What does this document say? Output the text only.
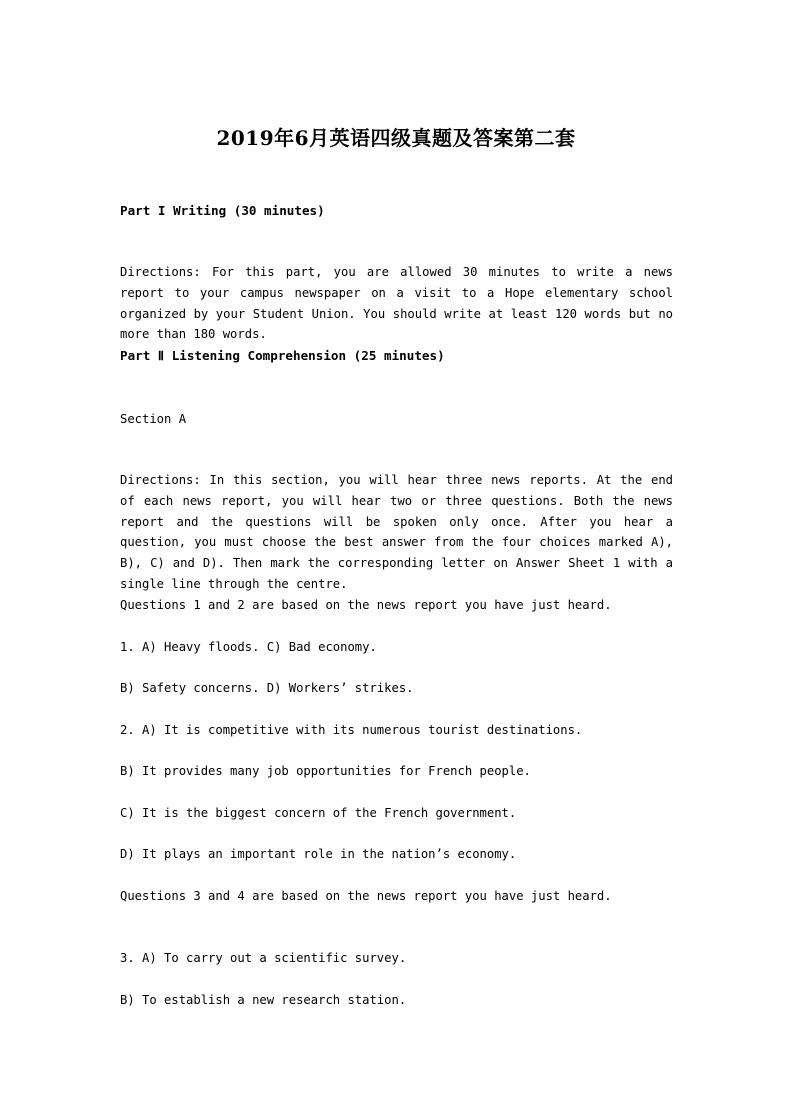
2019年6月英语四级真题及答案第二套
Part I Writing (30 minutes)
Directions: For this part, you are allowed 30 minutes to write a news report to your campus newspaper on a visit to a Hope elementary school organized by your Student Union. You should write at least 120 words but no more than 180 words.
Part Ⅱ Listening Comprehension (25 minutes)
Section A
Directions: In this section, you will hear three news reports. At the end of each news report, you will hear two or three questions. Both the news report and the questions will be spoken only once. After you hear a question, you must choose the best answer from the four choices marked A), B), C) and D). Then mark the corresponding letter on Answer Sheet 1 with a single line through the centre.
Questions 1 and 2 are based on the news report you have just heard.
1. A) Heavy floods. C) Bad economy.
B) Safety concerns. D) Workers’ strikes.
2. A) It is competitive with its numerous tourist destinations.
B) It provides many job opportunities for French people.
C) It is the biggest concern of the French government.
D) It plays an important role in the nation’s economy.
Questions 3 and 4 are based on the news report you have just heard.
3. A) To carry out a scientific survey.
B) To establish a new research station.
